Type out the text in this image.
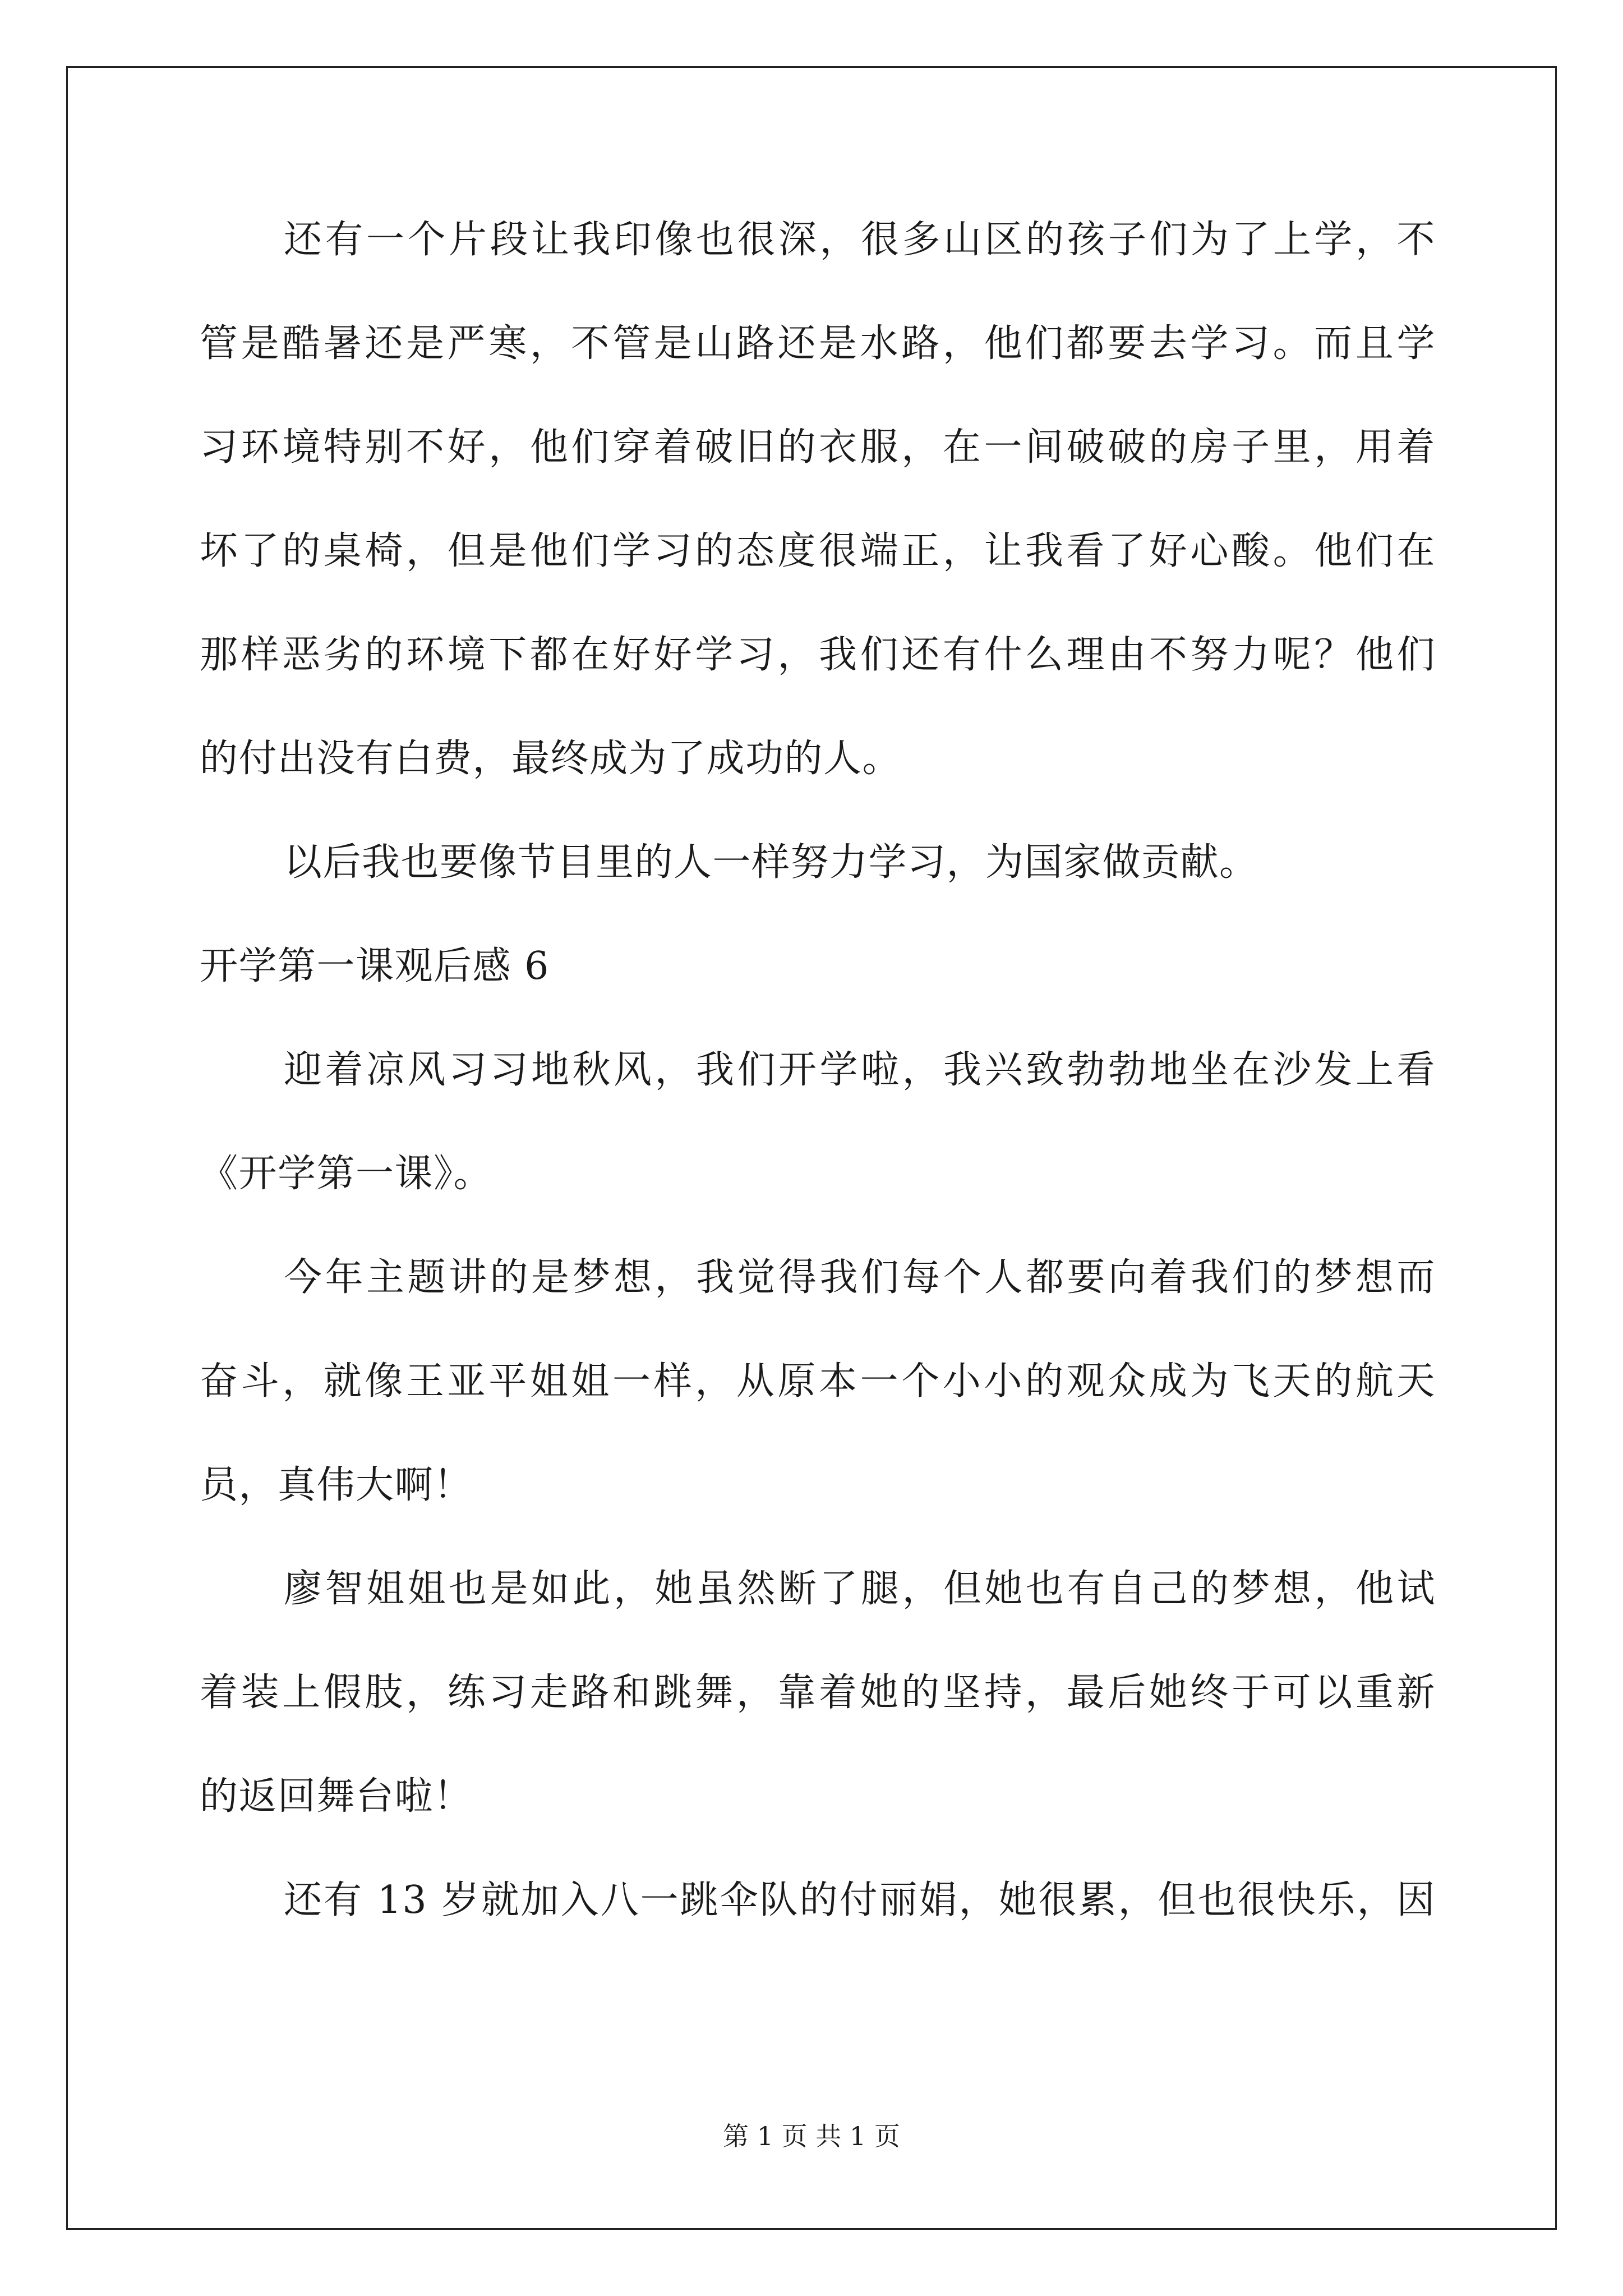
还有一个片段让我印像也很深，很多山区的孩子们为了上学，不
管是酷暑还是严寒，不管是山路还是水路，他们都要去学习。而且学
习环境特别不好，他们穿着破旧的衣服，在一间破破的房子里，用着
坏了的桌椅，但是他们学习的态度很端正，让我看了好心酸。他们在
那样恶劣的环境下都在好好学习，我们还有什么理由不努力呢？他们
的付出没有白费，最终成为了成功的人。
以后我也要像节目里的人一样努力学习，为国家做贡献。
开学第一课观后感 6
迎着凉风习习地秋风，我们开学啦，我兴致勃勃地坐在沙发上看
《开学第一课》。
今年主题讲的是梦想，我觉得我们每个人都要向着我们的梦想而
奋斗，就像王亚平姐姐一样，从原本一个小小的观众成为飞天的航天
员，真伟大啊！
廖智姐姐也是如此，她虽然断了腿，但她也有自己的梦想，他试
着装上假肢，练习走路和跳舞，靠着她的坚持，最后她终于可以重新
的返回舞台啦！
还有 13 岁就加入八一跳伞队的付丽娟，她很累，但也很快乐，因
第 1 页 共 1 页
